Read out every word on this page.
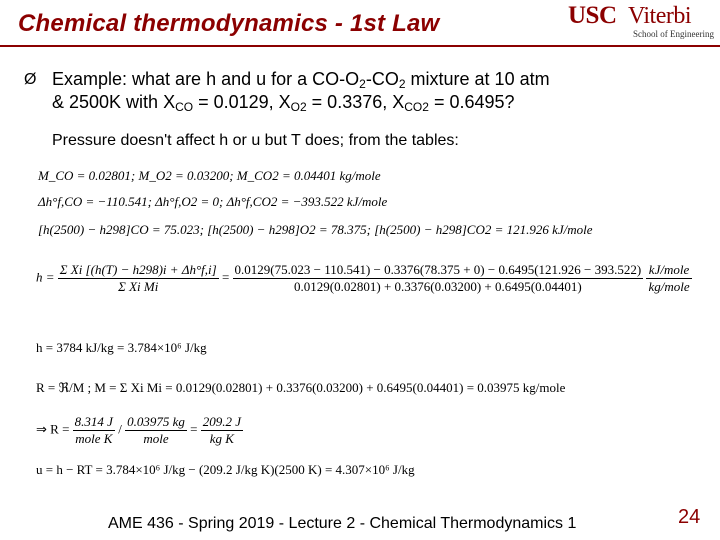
Chemical thermodynamics - 1st Law	USC Viterbi
School of Engineering
Ø Example: what are h and u for a $CO-O_2-CO_2$ mixture at 10 atm
& 2500K with $X_{CO} = 0.0129$, $X_{O2} = 0.3376$, $X_{CO2} = 0.6495$?
Pressure doesn't affect h or u but T does; from the tables:
M_CO = 0.02801; M_O2 = 0.03200; M_CO2 = 0.04401 kg/mole
Δh°f,CO = −110.541; Δh°f,O2 = 0; Δh°f,CO2 = −393.522 kJ/mole
[h(2500) − h298]CO = 75.023; [h(2500) − h298]O2 = 78.375; [h(2500) − h298]CO2 = 121.926 kJ/mole
$h = \frac{\text{Σ Xi [(h(T) − h298)i + Δh°f,i]}}{\text{Σ Xi Mi}} = 0.0129(75.023 - 110.541) - 0.3376(78.375 + 0) - 0.6495(121.926 - 393.522)$
0.0129(0.02801) + 0.3376(0.03200) + 0.6495(0.04401)
	$\frac{\text{kJ/mole}}{\text{kg/mole}}$
h = 3784 kJ/kg = 3.784×10⁶ J/kg
R = ℜ/M ; M = Σ Xi Mi = 0.0129(0.02801) + 0.3376(0.03200) + 0.6495(0.04401) = 0.03975 kg/mole
⇒ $R = \frac{8.314 J}{\text{mole K}} / \frac{0.03975 kg}{\text{mole}} = \frac{209.2 J}{\text{kg K}}$
u = h − RT = 3.784×10⁶ J/kg − (209.2 J/kg K)(2500 K) = 4.307×10⁶ J/kg
AME 436 - Spring 2019 - Lecture 2 - Chemical Thermodynamics 1	24
